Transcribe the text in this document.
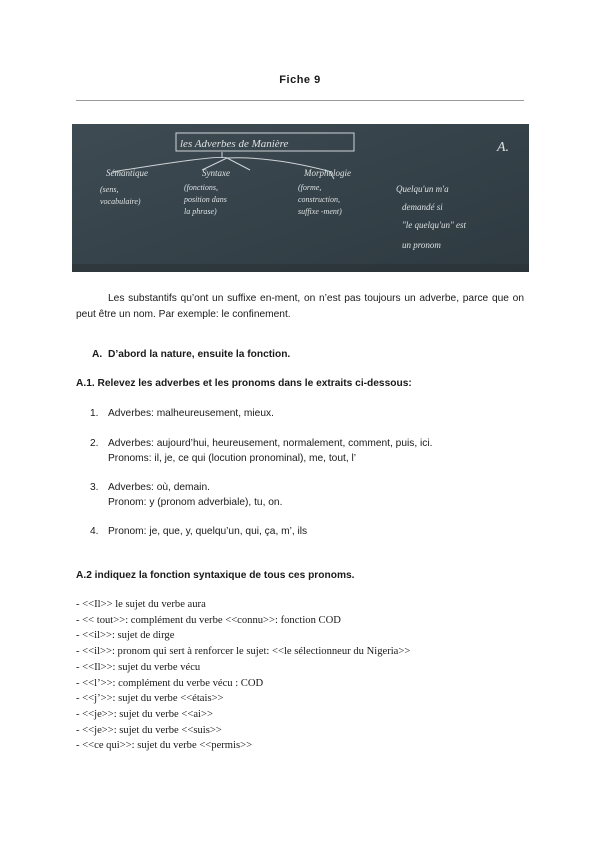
Fiche 9
les Adverbes de Manière	A.
Sémantique
(sens,
vocabulaire)
Syntaxe
(fonctions,
position dans
la phrase)
Morphologie
(forme,
construction,
suffixe -ment)
Quelqu'un m'a
demandé si
"le quelqu'un" est
un pronom
Les substantifs qu’ont un suffixe en-ment, on n’est pas toujours un adverbe, parce que on peut être un nom. Par exemple: le confinement.
A. D’abord la nature, ensuite la fonction.
A.1. Relevez les adverbes et les pronoms dans le extraits ci-dessous:
1. Adverbes: malheureusement, mieux.
2. Adverbes: aujourd’hui, heureusement, normalement, comment, puis, ici.
Pronoms: il, je, ce qui (locution pronominal), me, tout, l’
3. Adverbes: où, demain.
Pronom: y (pronom adverbiale), tu, on.
4. Pronom: je, que, y, quelqu’un, qui, ça, m’, ils
A.2 indiquez la fonction syntaxique de tous ces pronoms.
- <<Il>> le sujet du verbe aura
- << tout>>: complément du verbe <<connu>>: fonction COD
- <<il>>: sujet de dirge
- <<il>>: pronom qui sert à renforcer le sujet: <<le sélectionneur du Nigeria>>
- <<Il>>: sujet du verbe vécu
- <<l’>>: complément du verbe vécu : COD
- <<j’>>: sujet du verbe <<étais>>
- <<je>>: sujet du verbe <<ai>>
- <<je>>: sujet du verbe <<suis>>
- <<ce qui>>: sujet du verbe <<permis>>
